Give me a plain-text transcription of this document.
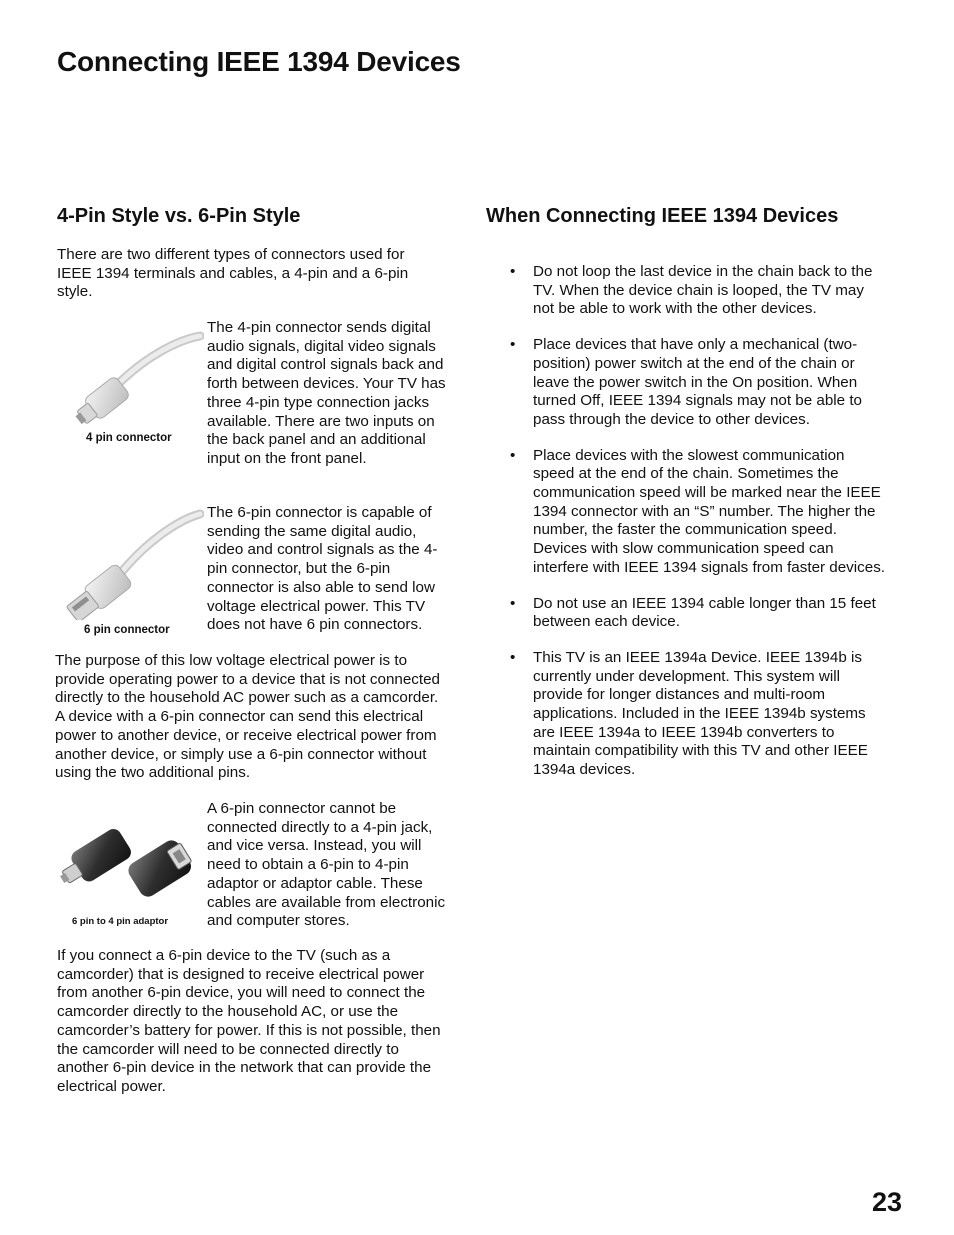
Connecting IEEE 1394 Devices
4-Pin Style vs. 6-Pin Style

There are two different types of connectors used for IEEE 1394 terminals and cables, a 4-pin and a 6-pin style.

4 pin connector

The 4-pin connector sends digital audio signals, digital video signals and digital control signals back and forth between devices. Your TV has three 4-pin type connection jacks available. There are two inputs on the back panel and an additional input on the front panel.

6 pin connector

The 6-pin connector is capable of sending the same digital audio, video and control signals as the 4-pin connector, but the 6-pin connector is also able to send low voltage electrical power. This TV does not have 6 pin connectors.

The purpose of this low voltage electrical power is to provide operating power to a device that is not connected directly to the household AC power such as a camcorder. A device with a 6-pin connector can send this electrical power to another device, or receive electrical power from another device, or simply use a 6-pin connector without using the two additional pins.

6 pin to 4 pin adaptor

A 6-pin connector cannot be connected directly to a 4-pin jack, and vice versa. Instead, you will need to obtain a 6-pin to 4-pin adaptor or adaptor cable. These cables are available from electronic and computer stores.

If you connect a 6-pin device to the TV (such as a camcorder) that is designed to receive electrical power from another 6-pin device, you will need to connect the camcorder directly to the household AC, or use the camcorder’s battery for power. If this is not possible, then the camcorder will need to be connected directly to another 6-pin device in the network that can provide the electrical power.

When Connecting IEEE 1394 Devices
• Do not loop the last device in the chain back to the TV. When the device chain is looped, the TV may not be able to work with the other devices.
• Place devices that have only a mechanical (two-position) power switch at the end of the chain or leave the power switch in the On position. When turned Off, IEEE 1394 signals may not be able to pass through the device to other devices.
• Place devices with the slowest communication speed at the end of the chain. Sometimes the communication speed will be marked near the IEEE 1394 connector with an “S” number. The higher the number, the faster the communication speed. Devices with slow communication speed can interfere with IEEE 1394 signals from faster devices.
• Do not use an IEEE 1394 cable longer than 15 feet between each device.
• This TV is an IEEE 1394a Device. IEEE 1394b is currently under development. This system will provide for longer distances and multi-room applications. Included in the IEEE 1394b systems are IEEE 1394a to IEEE 1394b converters to maintain compatibility with this TV and other IEEE 1394a devices.
23
